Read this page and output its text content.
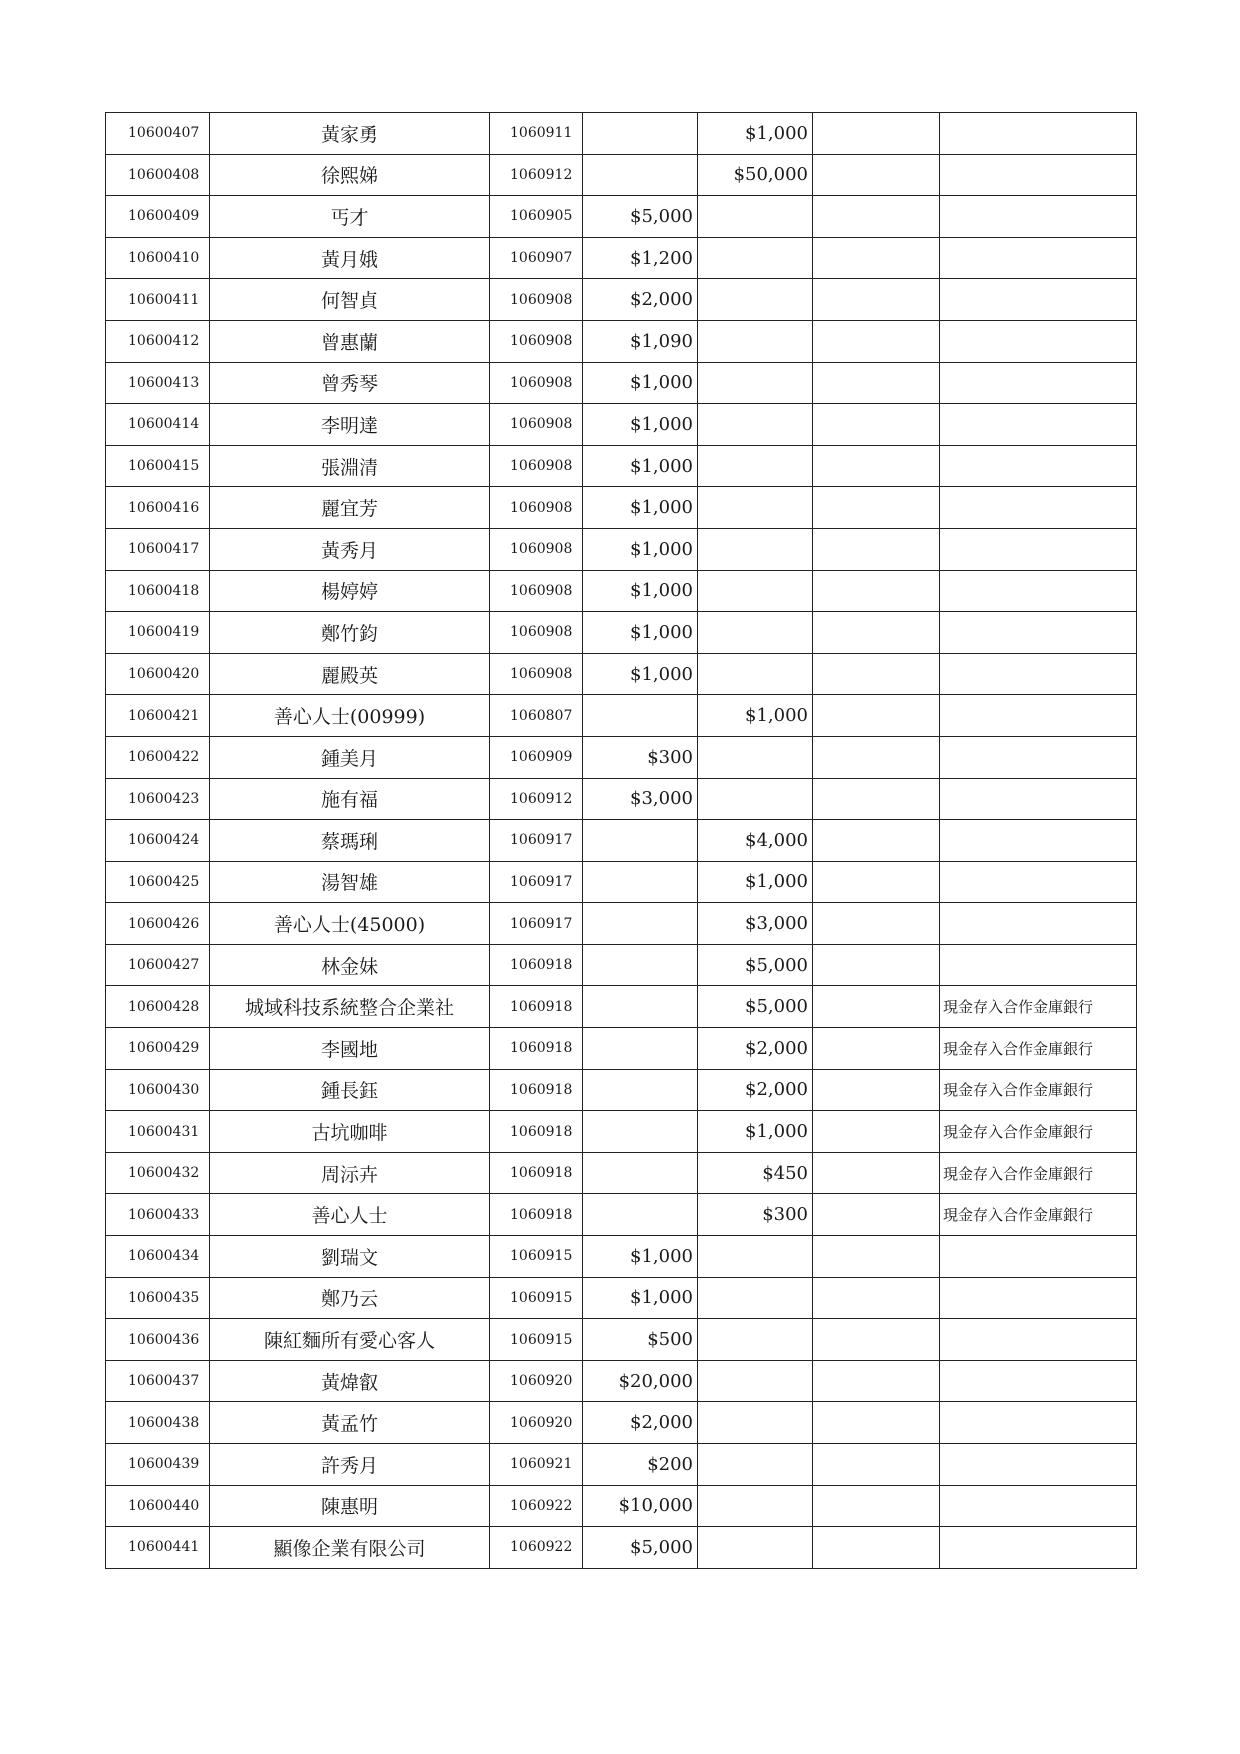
10600407	黃家勇	1060911		$1,000		
10600408	徐熙娣	1060912		$50,000		
10600409	丐才	1060905	$5,000			
10600410	黃月娥	1060907	$1,200			
10600411	何智貞	1060908	$2,000			
10600412	曾惠蘭	1060908	$1,090			
10600413	曾秀琴	1060908	$1,000			
10600414	李明達	1060908	$1,000			
10600415	張淵清	1060908	$1,000			
10600416	麗宜芳	1060908	$1,000			
10600417	黃秀月	1060908	$1,000			
10600418	楊婷婷	1060908	$1,000			
10600419	鄭竹鈞	1060908	$1,000			
10600420	麗殿英	1060908	$1,000			
10600421	善心人士(00999)	1060807		$1,000		
10600422	鍾美月	1060909	$300			
10600423	施有福	1060912	$3,000			
10600424	蔡瑪琍	1060917		$4,000		
10600425	湯智雄	1060917		$1,000		
10600426	善心人士(45000)	1060917		$3,000		
10600427	林金妹	1060918		$5,000		
10600428	城域科技系統整合企業社	1060918		$5,000		現金存入合作金庫銀行
10600429	李國地	1060918		$2,000		現金存入合作金庫銀行
10600430	鍾長鈺	1060918		$2,000		現金存入合作金庫銀行
10600431	古坑咖啡	1060918		$1,000		現金存入合作金庫銀行
10600432	周沶卉	1060918		$450		現金存入合作金庫銀行
10600433	善心人士	1060918		$300		現金存入合作金庫銀行
10600434	劉瑞文	1060915	$1,000			
10600435	鄭乃云	1060915	$1,000			
10600436	陳紅麵所有愛心客人	1060915	$500			
10600437	黃煒叡	1060920	$20,000			
10600438	黃孟竹	1060920	$2,000			
10600439	許秀月	1060921	$200			
10600440	陳惠明	1060922	$10,000			
10600441	顯像企業有限公司	1060922	$5,000			
